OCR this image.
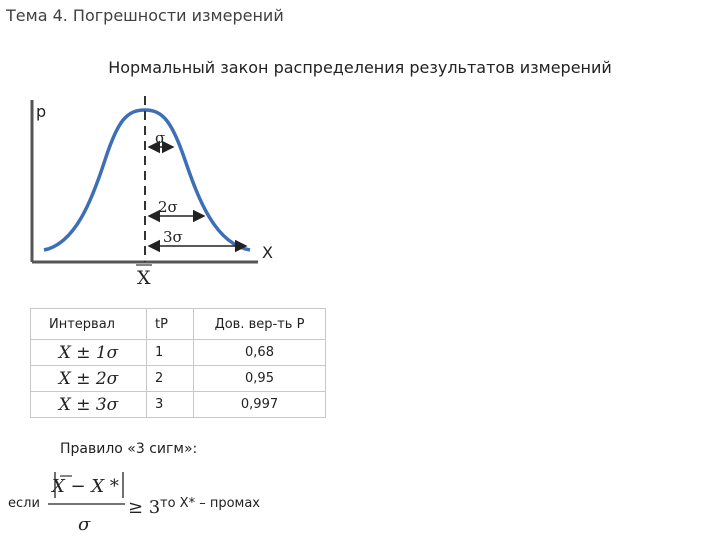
Тема 4. Погрешности измерений
Нормальный закон распределения результатов измерений
p
X
σ
2σ
3σ
X
Интервал	tP	Дов. вер-ть P
X ± 1σ	1	0,68
X ± 2σ	2	0,95
X ± 3σ	3	0,997
Правило «3 сигм»:
X − X *
σ
если	≥ 3 то Х* – промах
